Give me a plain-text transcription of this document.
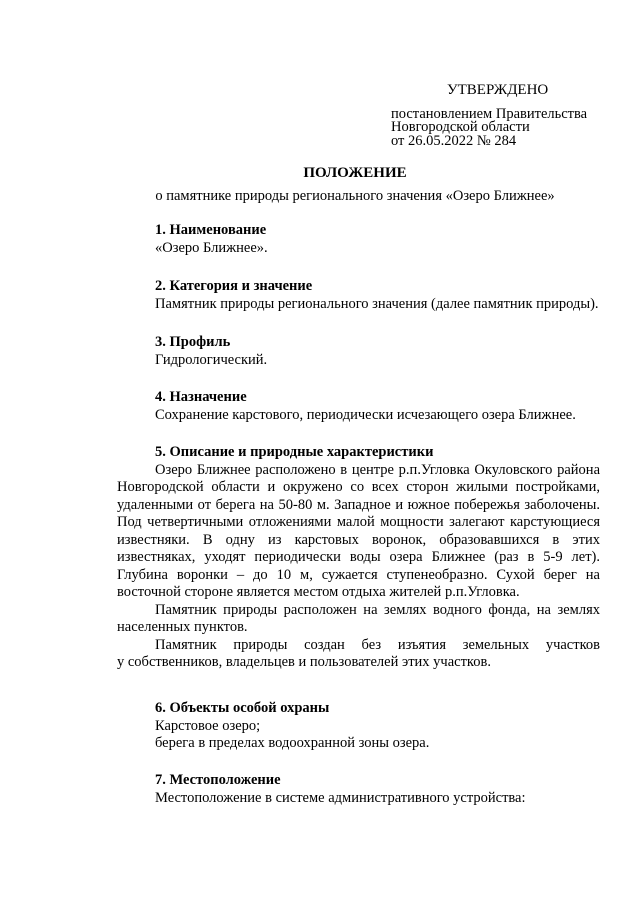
УТВЕРЖДЕНО
постановлением Правительства
Новгородской области
от 26.05.2022 № 284
ПОЛОЖЕНИЕ
о памятнике природы регионального значения «Озеро Ближнее»
1. Наименование
«Озеро Ближнее».
2. Категория и значение
Памятник природы регионального значения (далее памятник природы).
3. Профиль
Гидрологический.
4. Назначение
Сохранение карстового, периодически исчезающего озера Ближнее.
5. Описание и природные характеристики

Озеро Ближнее расположено в центре р.п.Угловка Окуловского района Новгородской области и окружено со всех сторон жилыми постройками, удаленными от берега на 50-80 м. Западное и южное побережья заболочены. Под четвертичными отложениями малой мощности залегают карстующиеся известняки. В одну из карстовых воронок, образовавшихся в этих известняках, уходят периодически воды озера Ближнее (раз в 5-9 лет). Глубина воронки – до 10 м, сужается ступенеобразно. Сухой берег на восточной стороне является местом отдыха жителей р.п.Угловка.

Памятник природы расположен на землях водного фонда, на землях населенных пунктов.

Памятник природы создан без изъятия земельных участков

у собственников, владельцев и пользователей этих участков.
6. Объекты особой охраны
Карстовое озеро;
берега в пределах водоохранной зоны озера.
7. Местоположение
Местоположение в системе административного устройства:
